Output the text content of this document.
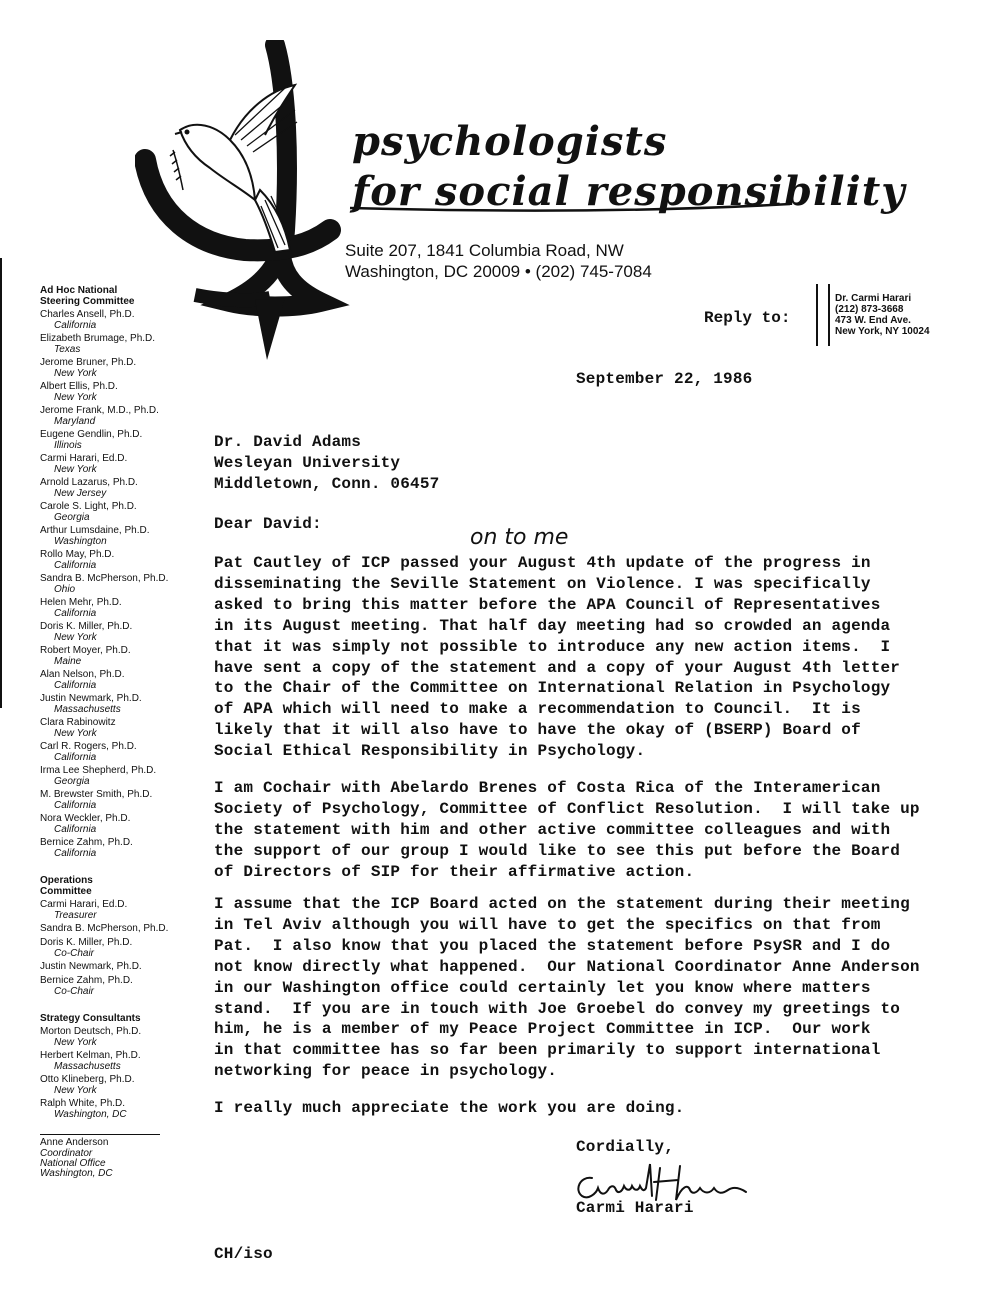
psychologists
for social responsibility
Suite 207, 1841 Columbia Road, NW
Washington, DC 20009 • (202) 745-7084
Reply to:
Dr. Carmi Harari
(212) 873-3668
473 W. End Ave.
New York, NY 10024
Ad Hoc National
Steering Committee
Charles Ansell, Ph.D.
California
Elizabeth Brumage, Ph.D.
Texas
Jerome Bruner, Ph.D.
New York
Albert Ellis, Ph.D.
New York
Jerome Frank, M.D., Ph.D.
Maryland
Eugene Gendlin, Ph.D.
Illinois
Carmi Harari, Ed.D.
New York
Arnold Lazarus, Ph.D.
New Jersey
Carole S. Light, Ph.D.
Georgia
Arthur Lumsdaine, Ph.D.
Washington
Rollo May, Ph.D.
California
Sandra B. McPherson, Ph.D.
Ohio
Helen Mehr, Ph.D.
California
Doris K. Miller, Ph.D.
New York
Robert Moyer, Ph.D.
Maine
Alan Nelson, Ph.D.
California
Justin Newmark, Ph.D.
Massachusetts
Clara Rabinowitz
New York
Carl R. Rogers, Ph.D.
California
Irma Lee Shepherd, Ph.D.
Georgia
M. Brewster Smith, Ph.D.
California
Nora Weckler, Ph.D.
California
Bernice Zahm, Ph.D.
California
Operations
Committee
Carmi Harari, Ed.D.
Treasurer
Sandra B. McPherson, Ph.D.
Doris K. Miller, Ph.D.
Co-Chair
Justin Newmark, Ph.D.
Bernice Zahm, Ph.D.
Co-Chair
Strategy Consultants
Morton Deutsch, Ph.D.
New York
Herbert Kelman, Ph.D.
Massachusetts
Otto Klineberg, Ph.D.
New York
Ralph White, Ph.D.
Washington, DC
Anne Anderson
Coordinator
National Office
Washington, DC
September 22, 1986
Dr. David Adams
Wesleyan University
Middletown, Conn. 06457
Dear David:
on to me
Pat Cautley of ICP passed your August 4th update of the progress in
disseminating the Seville Statement on Violence. I was specifically
asked to bring this matter before the APA Council of Representatives
in its August meeting. That half day meeting had so crowded an agenda
that it was simply not possible to introduce any new action items.  I
have sent a copy of the statement and a copy of your August 4th letter
to the Chair of the Committee on International Relation in Psychology
of APA which will need to make a recommendation to Council.  It is
likely that it will also have to have the okay of (BSERP) Board of
Social Ethical Responsibility in Psychology.
I am Cochair with Abelardo Brenes of Costa Rica of the Interamerican
Society of Psychology, Committee of Conflict Resolution.  I will take up
the statement with him and other active committee colleagues and with
the support of our group I would like to see this put before the Board
of Directors of SIP for their affirmative action.
I assume that the ICP Board acted on the statement during their meeting
in Tel Aviv although you will have to get the specifics on that from
Pat.  I also know that you placed the statement before PsySR and I do
not know directly what happened.  Our National Coordinator Anne Anderson
in our Washington office could certainly let you know where matters
stand.  If you are in touch with Joe Groebel do convey my greetings to
him, he is a member of my Peace Project Committee in ICP.  Our work
in that committee has so far been primarily to support international
networking for peace in psychology.
I really much appreciate the work you are doing.
Cordially,
Carmi Harari
CH/iso
